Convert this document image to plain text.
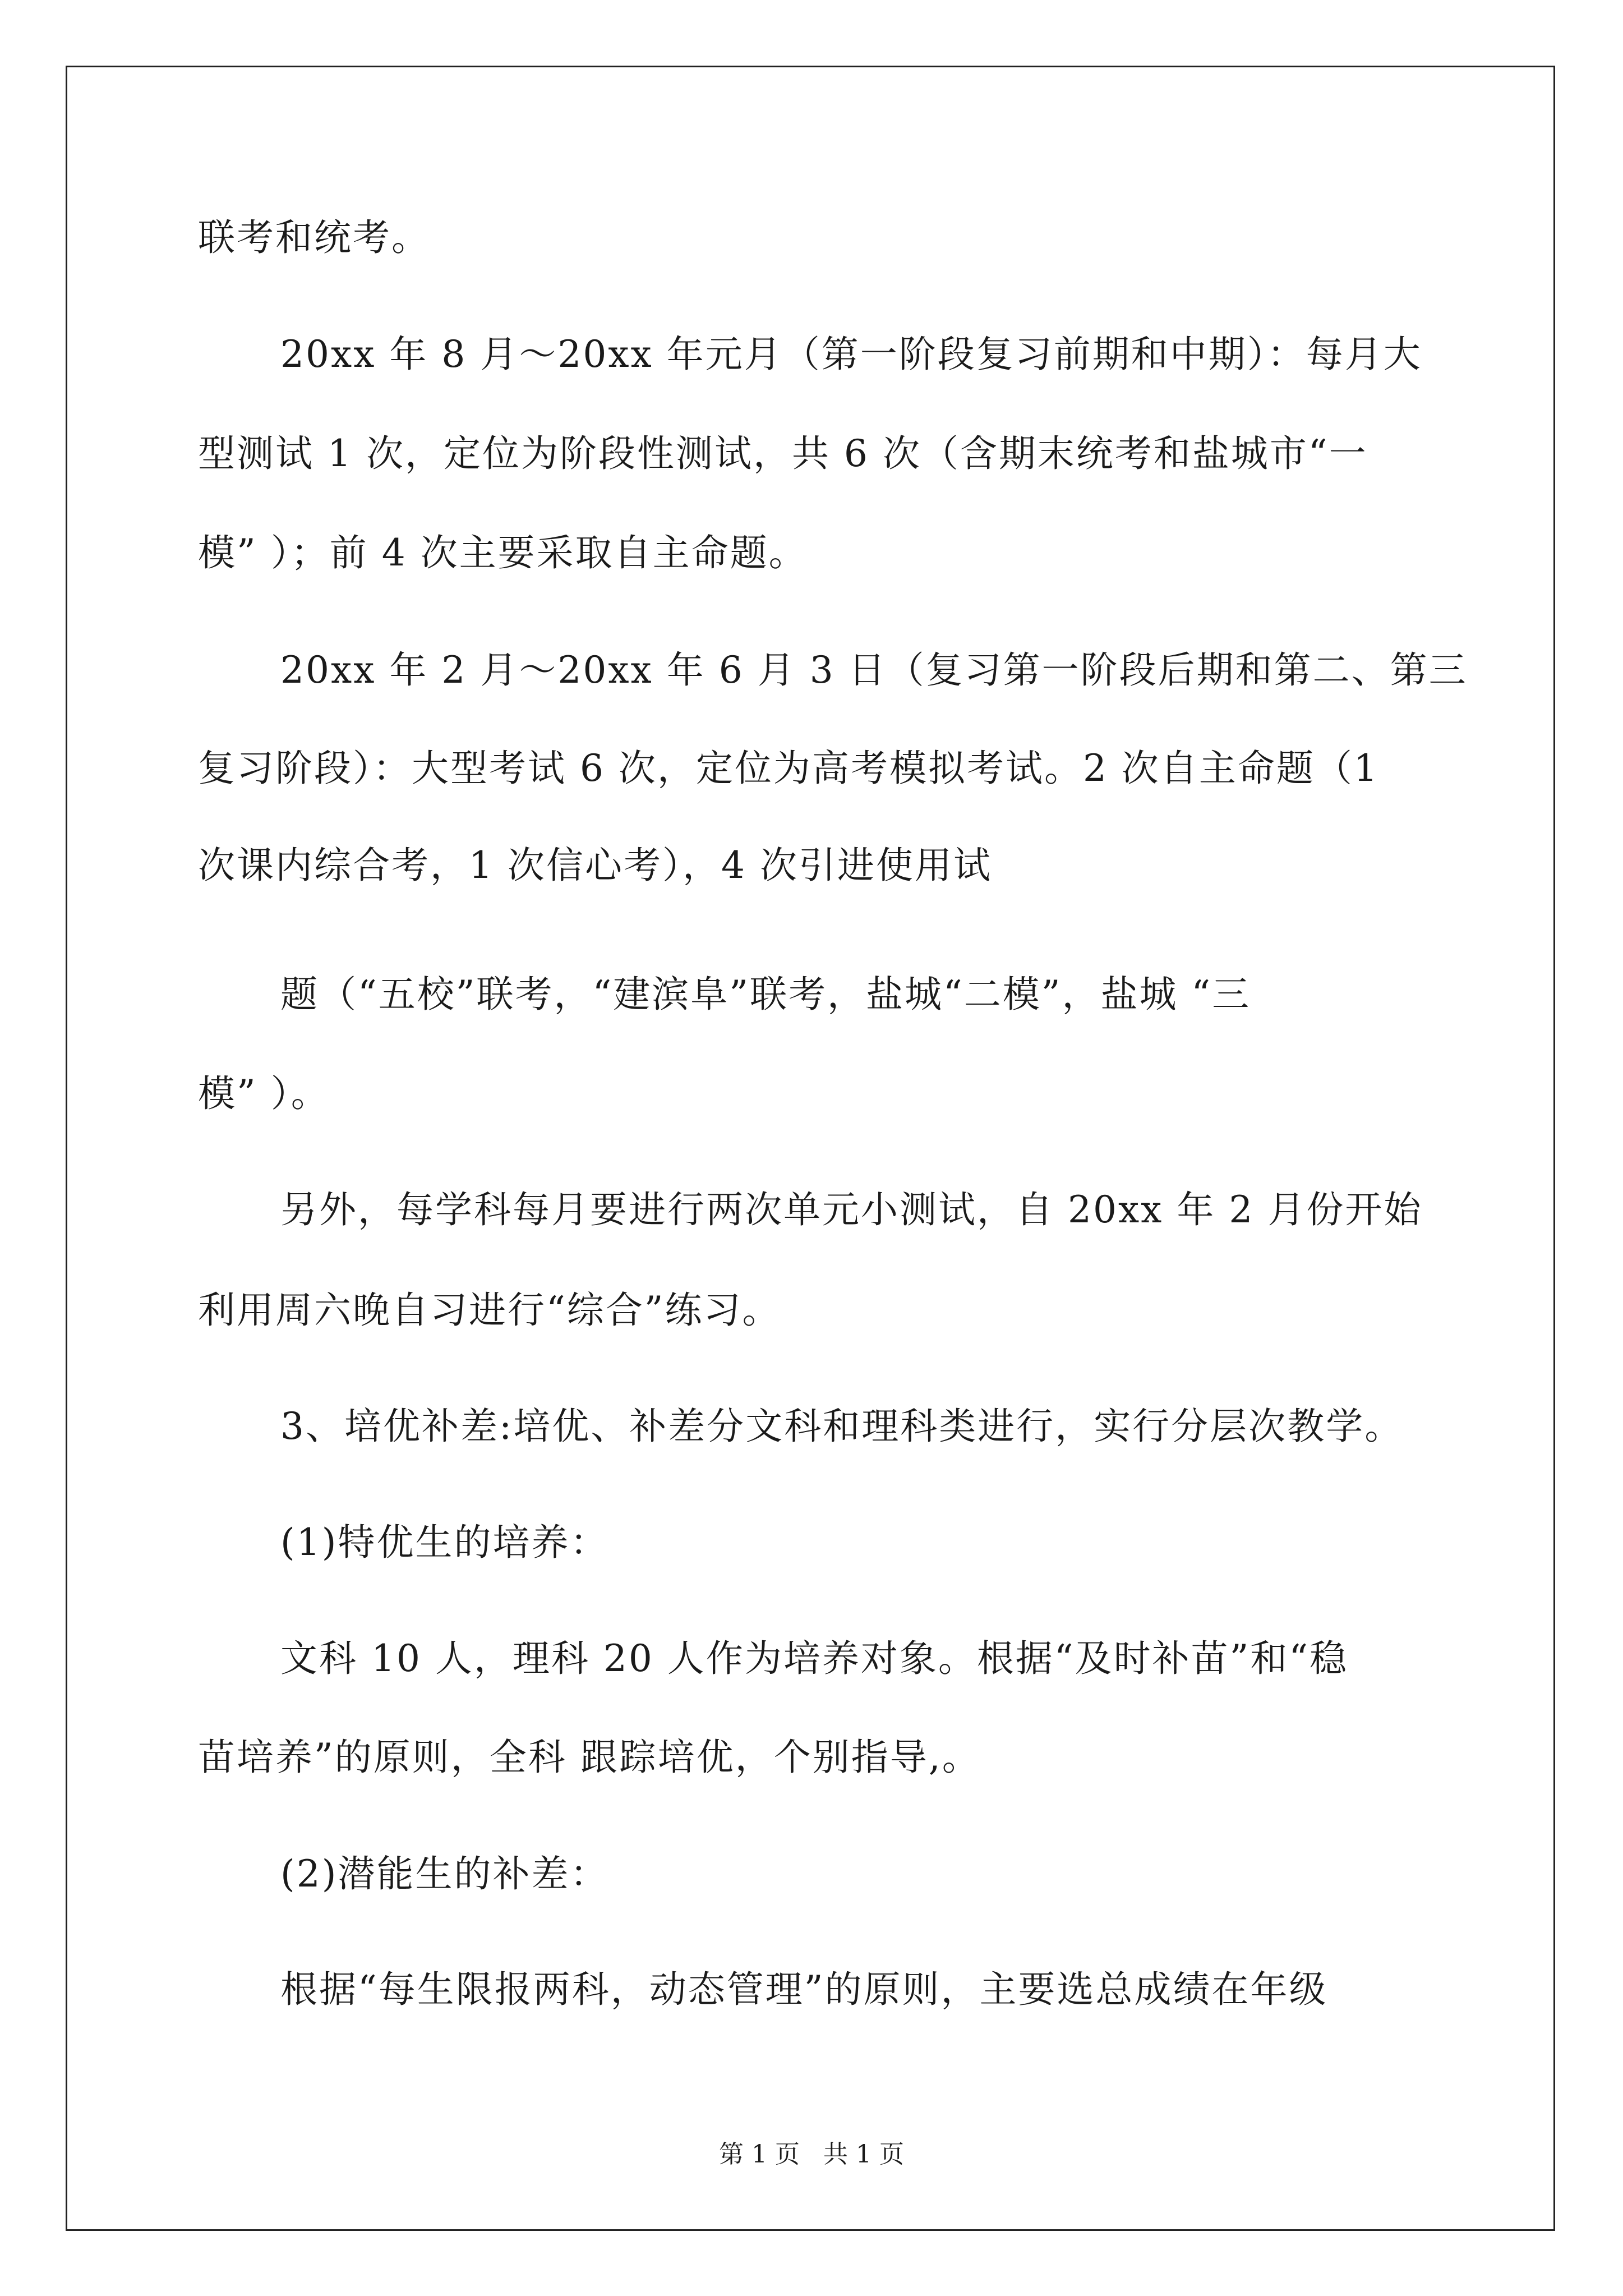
联考和统考。
20xx 年 8 月～20xx 年元月（第一阶段复习前期和中期）：每月大
型测试 1 次，定位为阶段性测试，共 6 次（含期末统考和盐城市“一
模” ）；前 4 次主要采取自主命题。
20xx 年 2 月～20xx 年 6 月 3 日（复习第一阶段后期和第二、第三
复习阶段）：大型考试 6 次，定位为高考模拟考试。2 次自主命题（1
次课内综合考，1 次信心考），4 次引进使用试
题（“五校”联考，“建滨阜”联考，盐城“二模”，盐城 “三
模” ）。
另外，每学科每月要进行两次单元小测试，自 20xx 年 2 月份开始
利用周六晚自习进行“综合”练习。
3、培优补差:培优、补差分文科和理科类进行，实行分层次教学。
(1)特优生的培养：
文科 10 人，理科 20 人作为培养对象。根据“及时补苗”和“稳
苗培养”的原则，全科 跟踪培优，个别指导,。
(2)潜能生的补差：
根据“每生限报两科，动态管理”的原则，主要选总成绩在年级
第 1 页 共 1 页
